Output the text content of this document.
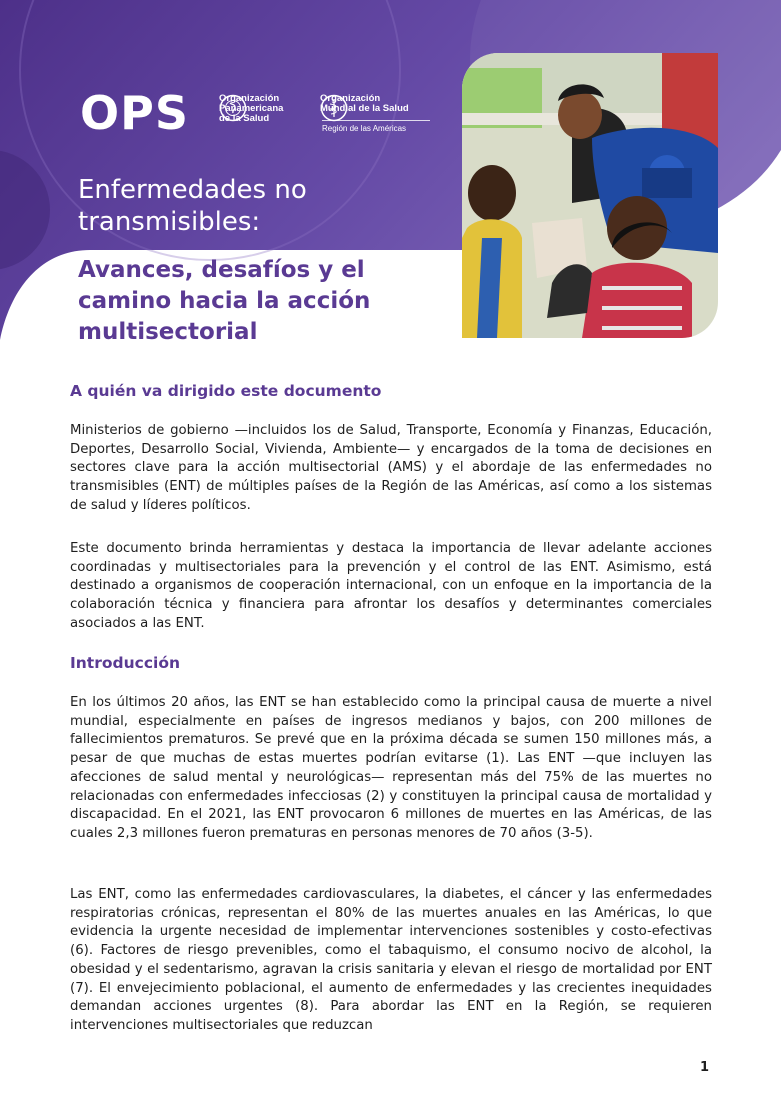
OPS	Organización
Panamericana
de la Salud
Organización
Mundial de la Salud
Región de las Américas
Enfermedades no transmisibles:
Avances, desafíos y el camino hacia la acción multisectorial
A quién va dirigido este documento

Ministerios de gobierno —incluidos los de Salud, Transporte, Economía y Finanzas, Educación, Deportes, Desarrollo Social, Vivienda, Ambiente— y encargados de la toma de decisiones en sectores clave para la acción multisectorial (AMS) y el abordaje de las enfermedades no transmisibles (ENT) de múltiples países de la Región de las Américas, así como a los sistemas de salud y líderes políticos.

Este documento brinda herramientas y destaca la importancia de llevar adelante acciones coordinadas y multisectoriales para la prevención y el control de las ENT. Asimismo, está destinado a organismos de cooperación internacional, con un enfoque en la importancia de la colaboración técnica y financiera para afrontar los desafíos y determinantes comerciales asociados a las ENT.

Introducción

En los últimos 20 años, las ENT se han establecido como la principal causa de muerte a nivel mundial, especialmente en países de ingresos medianos y bajos, con 200 millones de fallecimientos prematuros. Se prevé que en la próxima década se sumen 150 millones más, a pesar de que muchas de estas muertes podrían evitarse (1). Las ENT —que incluyen las afecciones de salud mental y neurológicas— representan más del 75% de las muertes no relacionadas con enfermedades infecciosas (2) y constituyen la principal causa de mortalidad y discapacidad. En el 2021, las ENT provocaron 6 millones de muertes en las Américas, de las cuales 2,3 millones fueron prematuras en personas menores de 70 años (3-5).

Las ENT, como las enfermedades cardiovasculares, la diabetes, el cáncer y las enfermedades respiratorias crónicas, representan el 80% de las muertes anuales en las Américas, lo que evidencia la urgente necesidad de implementar intervenciones sostenibles y costo-efectivas (6). Factores de riesgo prevenibles, como el tabaquismo, el consumo nocivo de alcohol, la obesidad y el sedentarismo, agravan la crisis sanitaria y elevan el riesgo de mortalidad por ENT (7). El envejecimiento poblacional, el aumento de enfermedades y las crecientes inequidades demandan acciones urgentes (8). Para abordar las ENT en la Región, se requieren intervenciones multisectoriales que reduzcan

1
